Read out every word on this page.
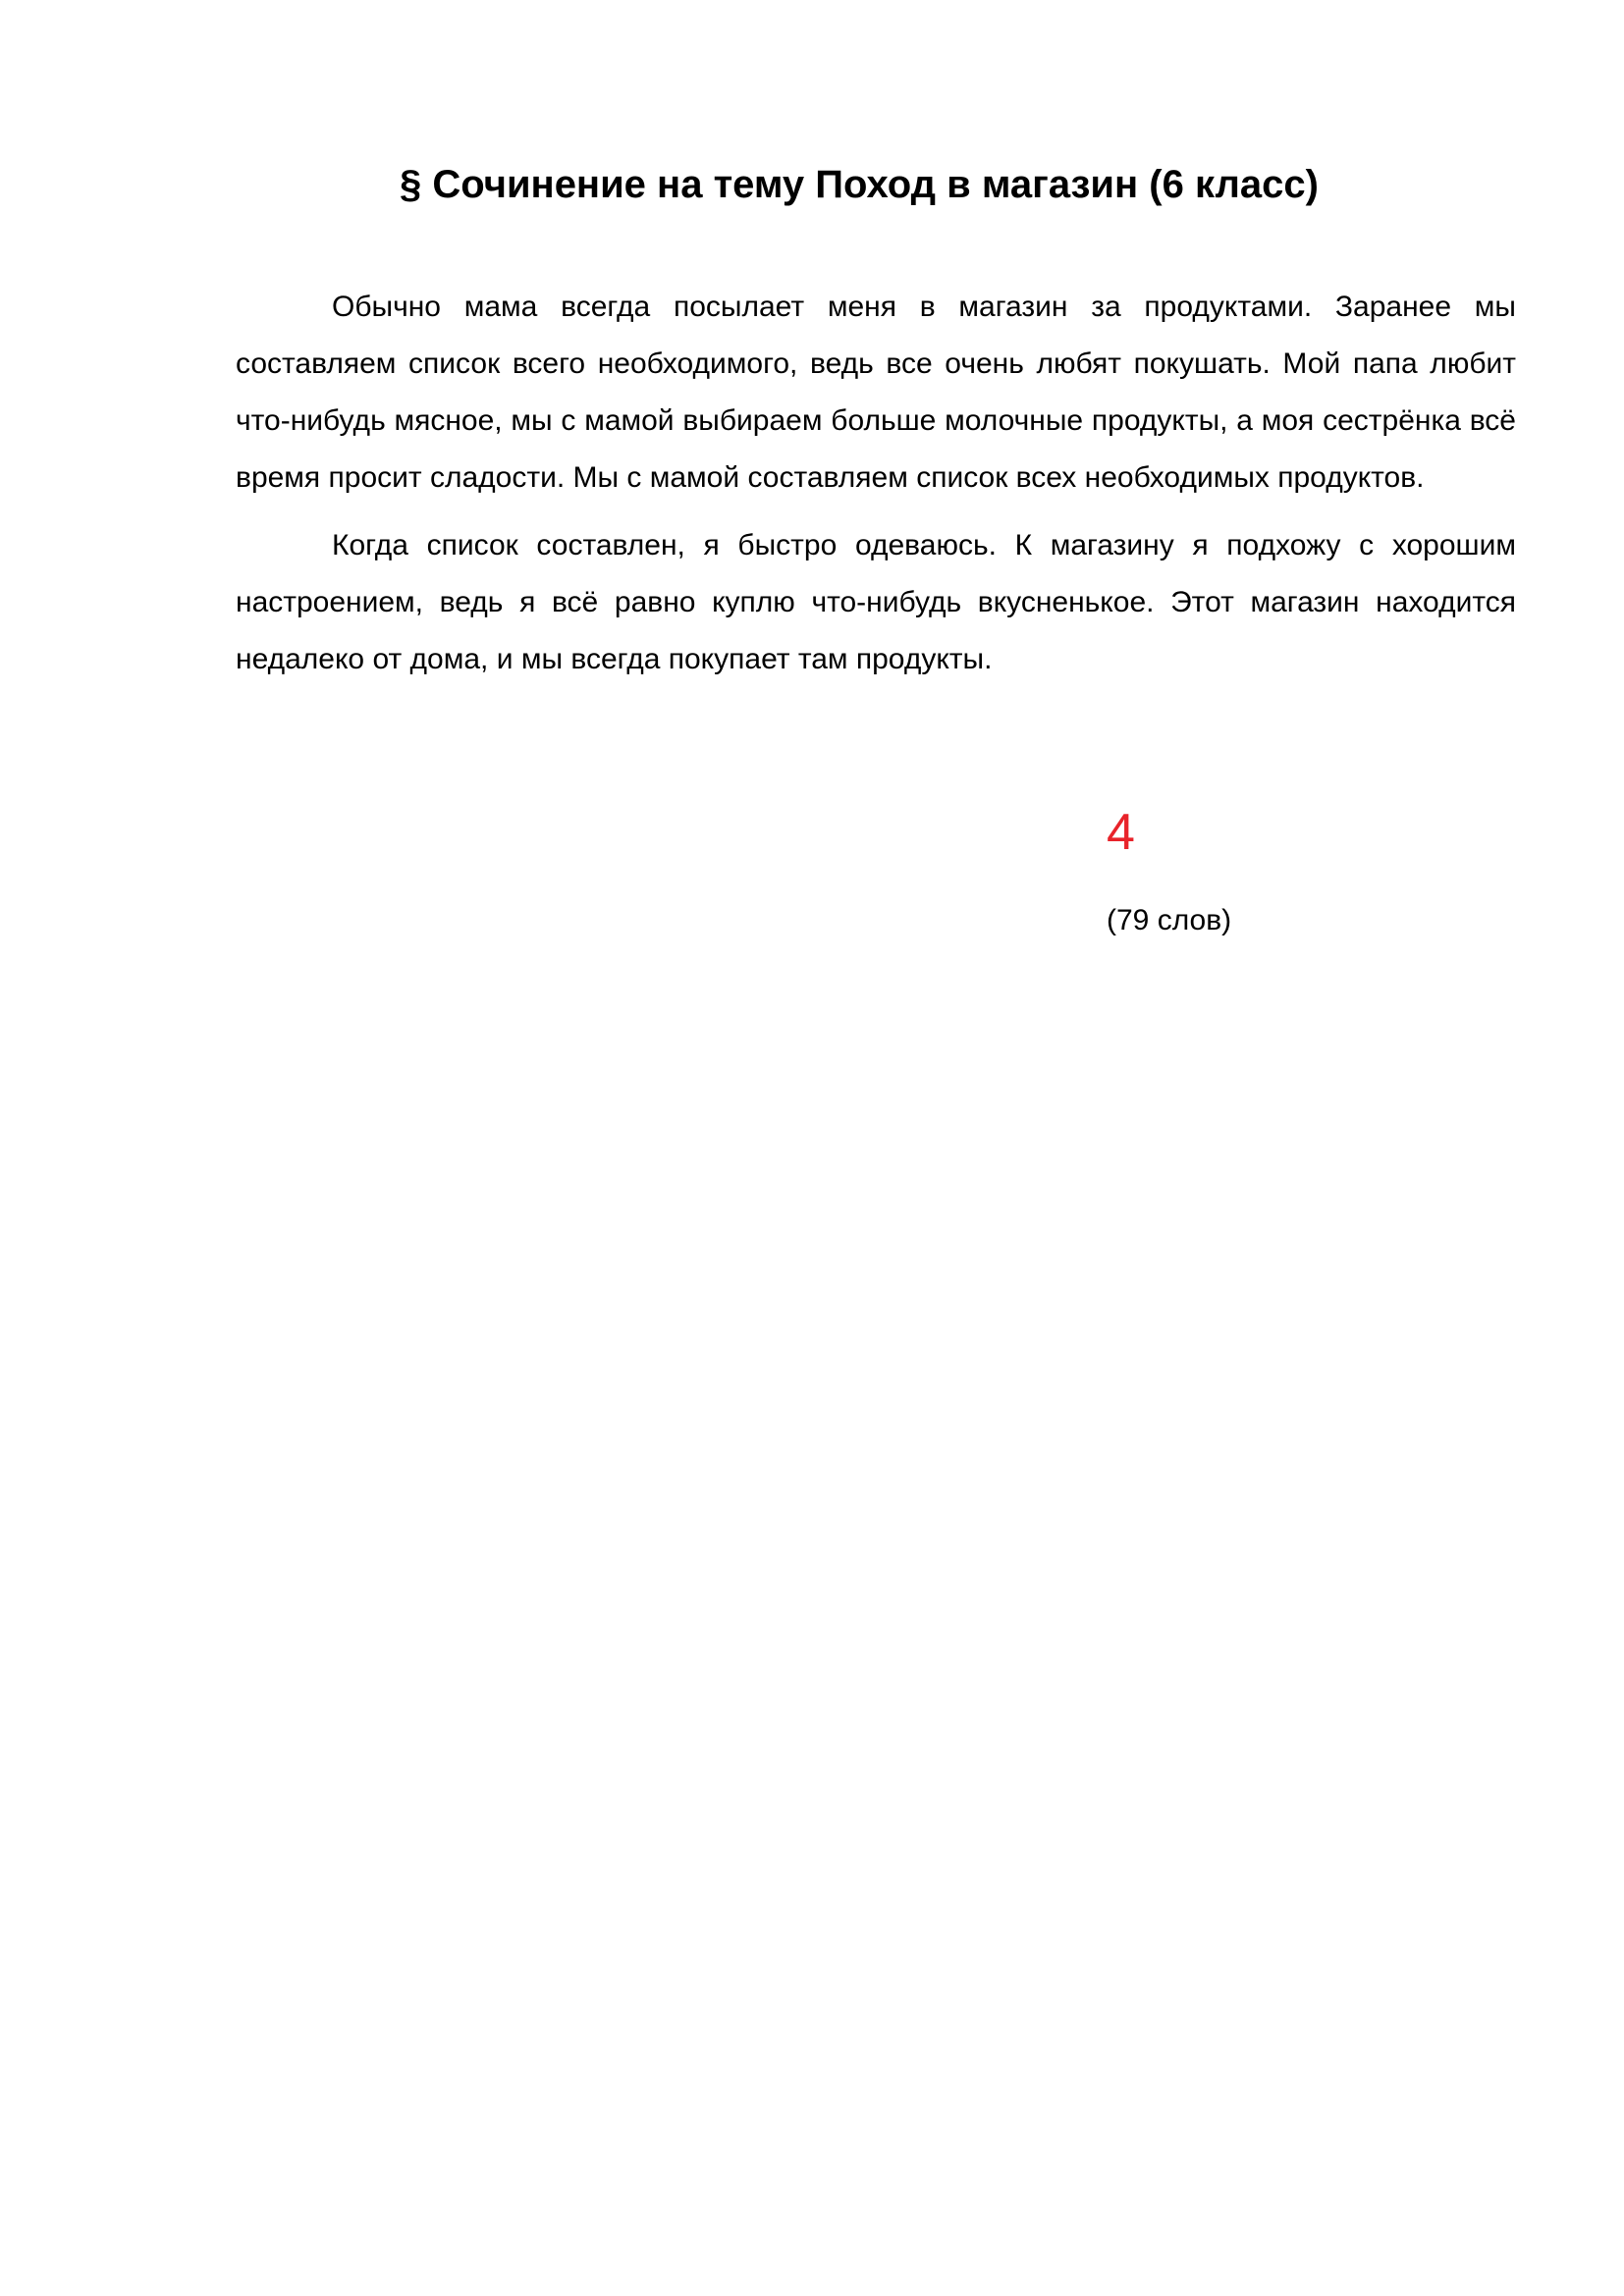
§ Сочинение на тему Поход в магазин (6 класс)

Обычно мама всегда посылает меня в магазин за продуктами. Заранее мы составляем список всего необходимого, ведь все очень любят покушать. Мой папа любит что-нибудь мясное, мы с мамой выбираем больше молочные продукты, а моя сестрёнка всё время просит сладости. Мы с мамой составляем список всех необходимых продуктов.

Когда список составлен, я быстро одеваюсь. К магазину я подхожу с хорошим настроением, ведь я всё равно куплю что-нибудь вкусненькое. Этот магазин находится недалеко от дома, и мы всегда покупает там продукты.

4
(79 слов)
